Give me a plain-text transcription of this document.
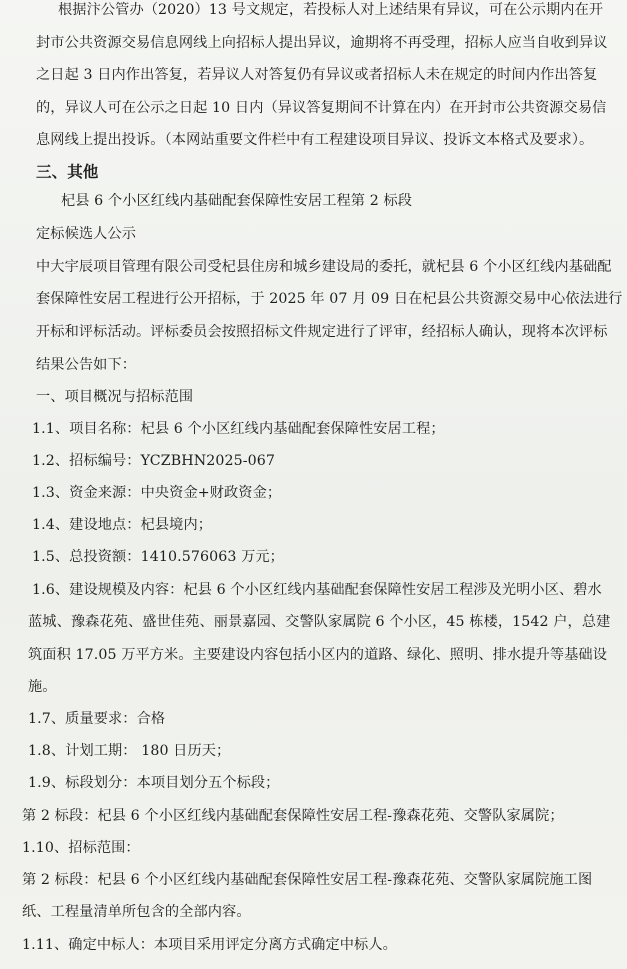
根据汴公管办（2020）13 号文规定，若投标人对上述结果有异议，可在公示期内在开
封市公共资源交易信息网线上向招标人提出异议，逾期将不再受理，招标人应当自收到异议
之日起 3 日内作出答复，若异议人对答复仍有异议或者招标人未在规定的时间内作出答复
的，异议人可在公示之日起 10 日内（异议答复期间不计算在内）在开封市公共资源交易信
息网线上提出投诉。（本网站重要文件栏中有工程建设项目异议、投诉文本格式及要求）。
三、其他
杞县 6 个小区红线内基础配套保障性安居工程第 2 标段
定标候选人公示
中大宇辰项目管理有限公司受杞县住房和城乡建设局的委托，就杞县 6 个小区红线内基础配
套保障性安居工程进行公开招标，于 2025 年 07 月 09 日在杞县公共资源交易中心依法进行
开标和评标活动。评标委员会按照招标文件规定进行了评审，经招标人确认，现将本次评标
结果公告如下：
一、项目概况与招标范围
1.1、项目名称：杞县 6 个小区红线内基础配套保障性安居工程；
1.2、招标编号：YCZBHN2025-067
1.3、资金来源：中央资金+财政资金；
1.4、建设地点：杞县境内；
1.5、总投资额：1410.576063 万元；
1.6、建设规模及内容：杞县 6 个小区红线内基础配套保障性安居工程涉及光明小区、碧水
蓝城、豫森花苑、盛世佳苑、丽景嘉园、交警队家属院 6 个小区，45 栋楼，1542 户，总建
筑面积 17.05 万平方米。主要建设内容包括小区内的道路、绿化、照明、排水提升等基础设
施。
1.7、质量要求：合格
1.8、计划工期： 180 日历天；
1.9、标段划分：本项目划分五个标段；
第 2 标段：杞县 6 个小区红线内基础配套保障性安居工程-豫森花苑、交警队家属院；
1.10、招标范围：
第 2 标段：杞县 6 个小区红线内基础配套保障性安居工程-豫森花苑、交警队家属院施工图
纸、工程量清单所包含的全部内容。
1.11、确定中标人：本项目采用评定分离方式确定中标人。
